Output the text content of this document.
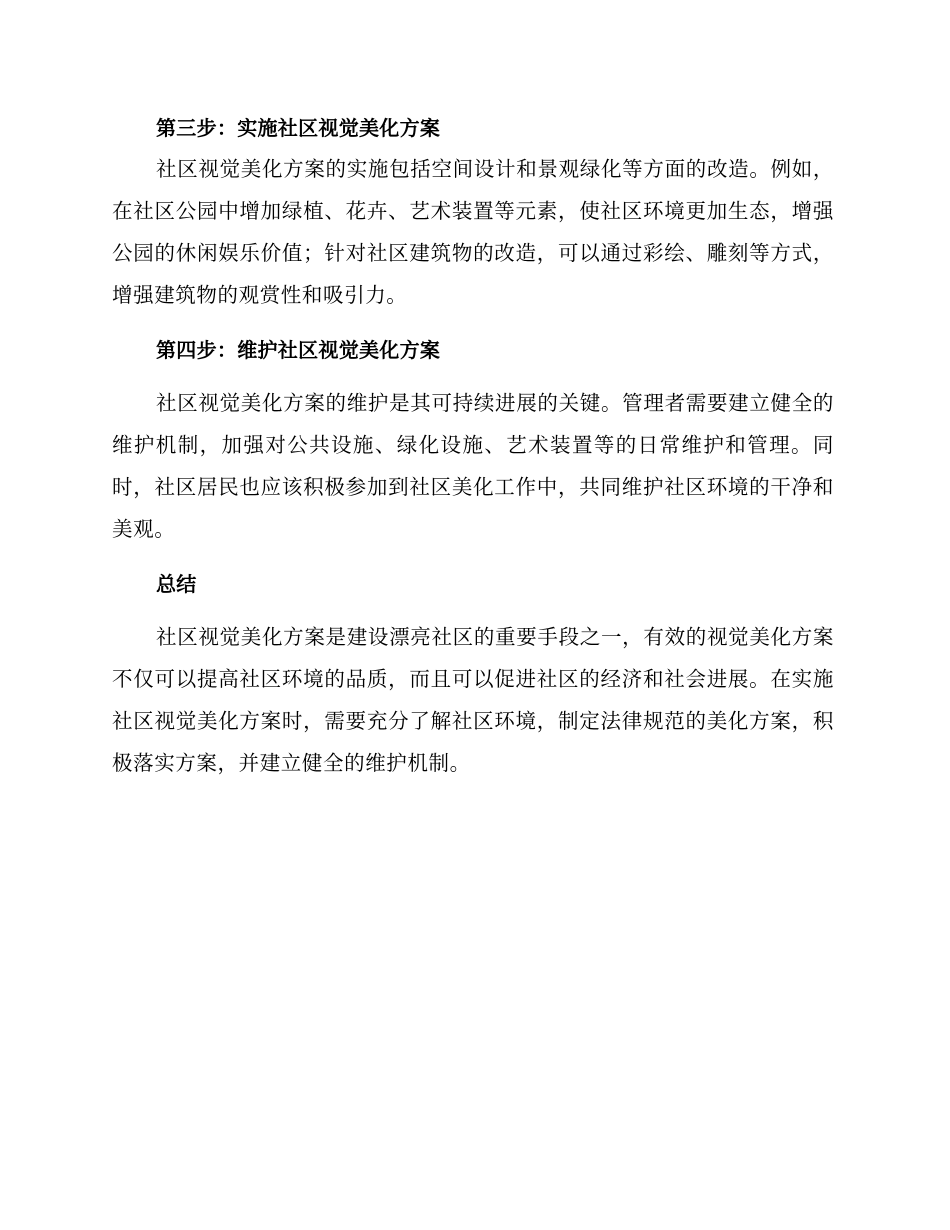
第三步：实施社区视觉美化方案

社区视觉美化方案的实施包括空间设计和景观绿化等方面的改造。例如，在社区公园中增加绿植、花卉、艺术装置等元素，使社区环境更加生态，增强公园的休闲娱乐价值；针对社区建筑物的改造，可以通过彩绘、雕刻等方式，增强建筑物的观赏性和吸引力。

第四步：维护社区视觉美化方案

社区视觉美化方案的维护是其可持续进展的关键。管理者需要建立健全的维护机制，加强对公共设施、绿化设施、艺术装置等的日常维护和管理。同时，社区居民也应该积极参加到社区美化工作中，共同维护社区环境的干净和美观。

总结

社区视觉美化方案是建设漂亮社区的重要手段之一，有效的视觉美化方案不仅可以提高社区环境的品质，而且可以促进社区的经济和社会进展。在实施社区视觉美化方案时，需要充分了解社区环境，制定法律规范的美化方案，积极落实方案，并建立健全的维护机制。
